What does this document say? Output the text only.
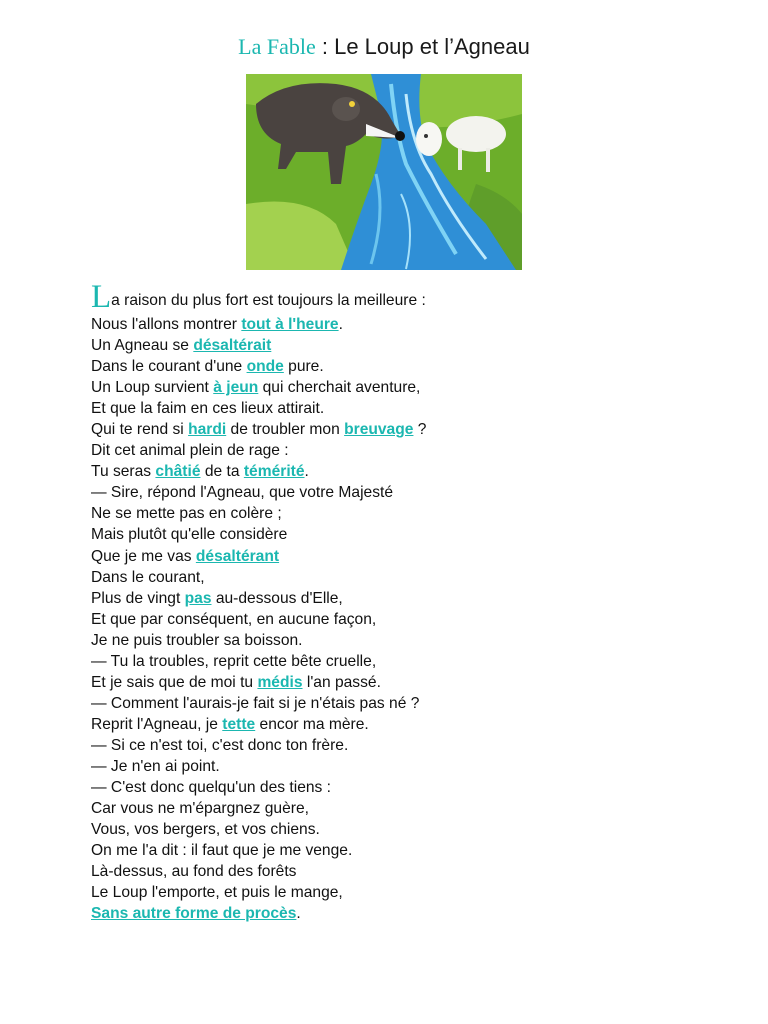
La Fable : Le Loup et l’Agneau
La raison du plus fort est toujours la meilleure :
Nous l'allons montrer tout à l'heure.
Un Agneau se désaltérait
Dans le courant d'une onde pure.
Un Loup survient à jeun qui cherchait aventure,
Et que la faim en ces lieux attirait.
Qui te rend si hardi de troubler mon breuvage ?
Dit cet animal plein de rage :
Tu seras châtié de ta témérité.
— Sire, répond l'Agneau, que votre Majesté
Ne se mette pas en colère ;
Mais plutôt qu'elle considère
Que je me vas désaltérant
Dans le courant,
Plus de vingt pas au-dessous d'Elle,
Et que par conséquent, en aucune façon,
Je ne puis troubler sa boisson.
— Tu la troubles, reprit cette bête cruelle,
Et je sais que de moi tu médis l'an passé.
— Comment l'aurais-je fait si je n'étais pas né ?
Reprit l'Agneau, je tette encor ma mère.
— Si ce n'est toi, c'est donc ton frère.
— Je n'en ai point.
— C'est donc quelqu'un des tiens :
Car vous ne m'épargnez guère,
Vous, vos bergers, et vos chiens.
On me l'a dit : il faut que je me venge.
Là-dessus, au fond des forêts
Le Loup l'emporte, et puis le mange,
Sans autre forme de procès.
